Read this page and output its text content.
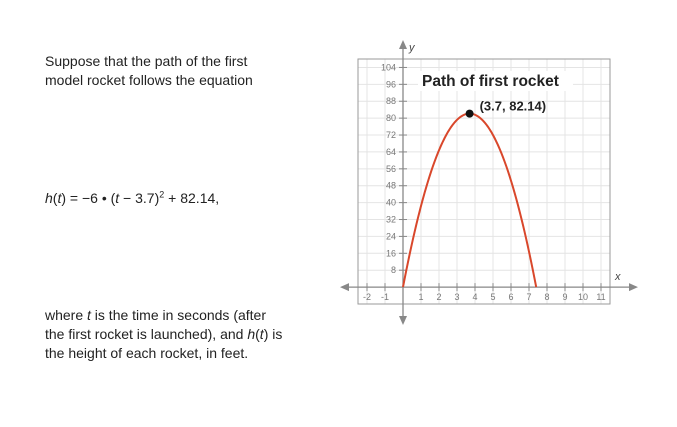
Suppose that the path of the first
model rocket follows the equation

h(t) = −6 • $(t - 3.7)^2 + 82.14$,

where t is the time in seconds (after
the first rocket is launched), and h(t) is
the height of each rocket, in feet.

-2 -1	1 2 3 4 5 6 7 8 9 10 11
8
16
24
32
40
48
56
64
72
80
88
96
104
Path of first rocket
(3.7, 82.14)
x
y
